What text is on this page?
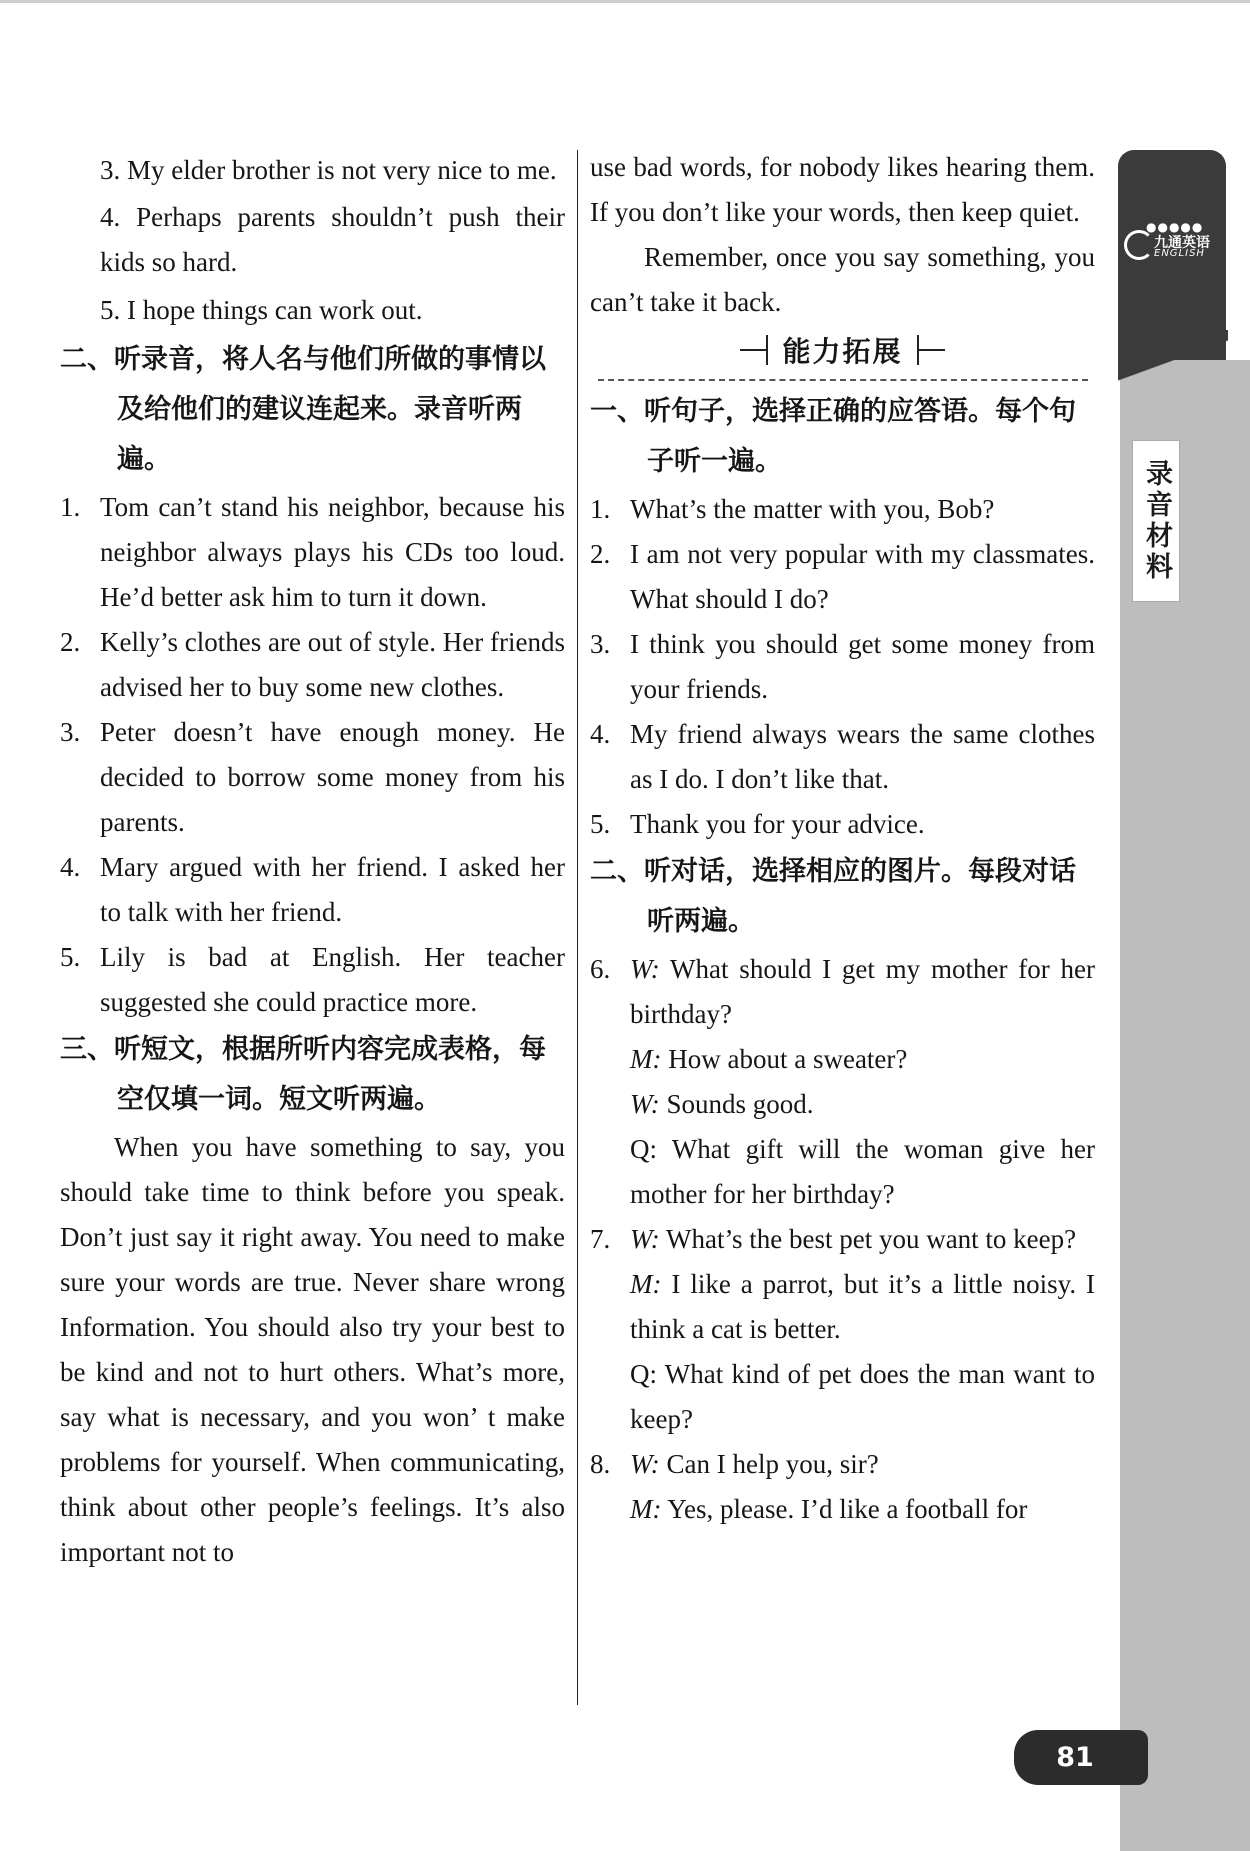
3. My elder brother is not very nice to me.

4. Perhaps parents shouldn’t push their kids so hard.

5. I hope things can work out.

二、听录音，将人名与他们所做的事情以及给他们的建议连起来。录音听两遍。

1. Tom can’t stand his neighbor, because his neighbor always plays his CDs too loud. He’d better ask him to turn it down.

2. Kelly’s clothes are out of style. Her friends advised her to buy some new clothes.

3. Peter doesn’t have enough money. He decided to borrow some money from his parents.

4. Mary argued with her friend. I asked her to talk with her friend.

5. Lily is bad at English. Her teacher suggested she could practice more.

三、听短文，根据所听内容完成表格，每空仅填一词。短文听两遍。

When you have something to say, you should take time to think before you speak. Don’t just say it right away. You need to make sure your words are true. Never share wrong Information. You should also try your best to be kind and not to hurt others. What’s more, say what is necessary, and you won’ t make problems for yourself. When communicating, think about other people’s feelings. It’s also important not to

use bad words, for nobody likes hearing them. If you don’t like your words, then keep quiet.

Remember, once you say something, you can’t take it back.

能力拓展

一、听句子，选择正确的应答语。每个句子听一遍。

1. What’s the matter with you, Bob?

2. I am not very popular with my classmates. What should I do?

3. I think you should get some money from your friends.

4. My friend always wears the same clothes as I do. I don’t like that.

5. Thank you for your advice.

二、听对话，选择相应的图片。每段对话听两遍。

6. W: What should I get my mother for her birthday?

M: How about a sweater?

W: Sounds good.

Q: What gift will the woman give her mother for her birthday?

7. W: What’s the best pet you want to keep?

M: I like a parrot, but it’s a little noisy. I think a cat is better.

Q: What kind of pet does the man want to keep?

8. W: Can I help you, sir?

M: Yes, please. I’d like a football for

●●●●●
九通英语
ENGLISH
录音材料
81
